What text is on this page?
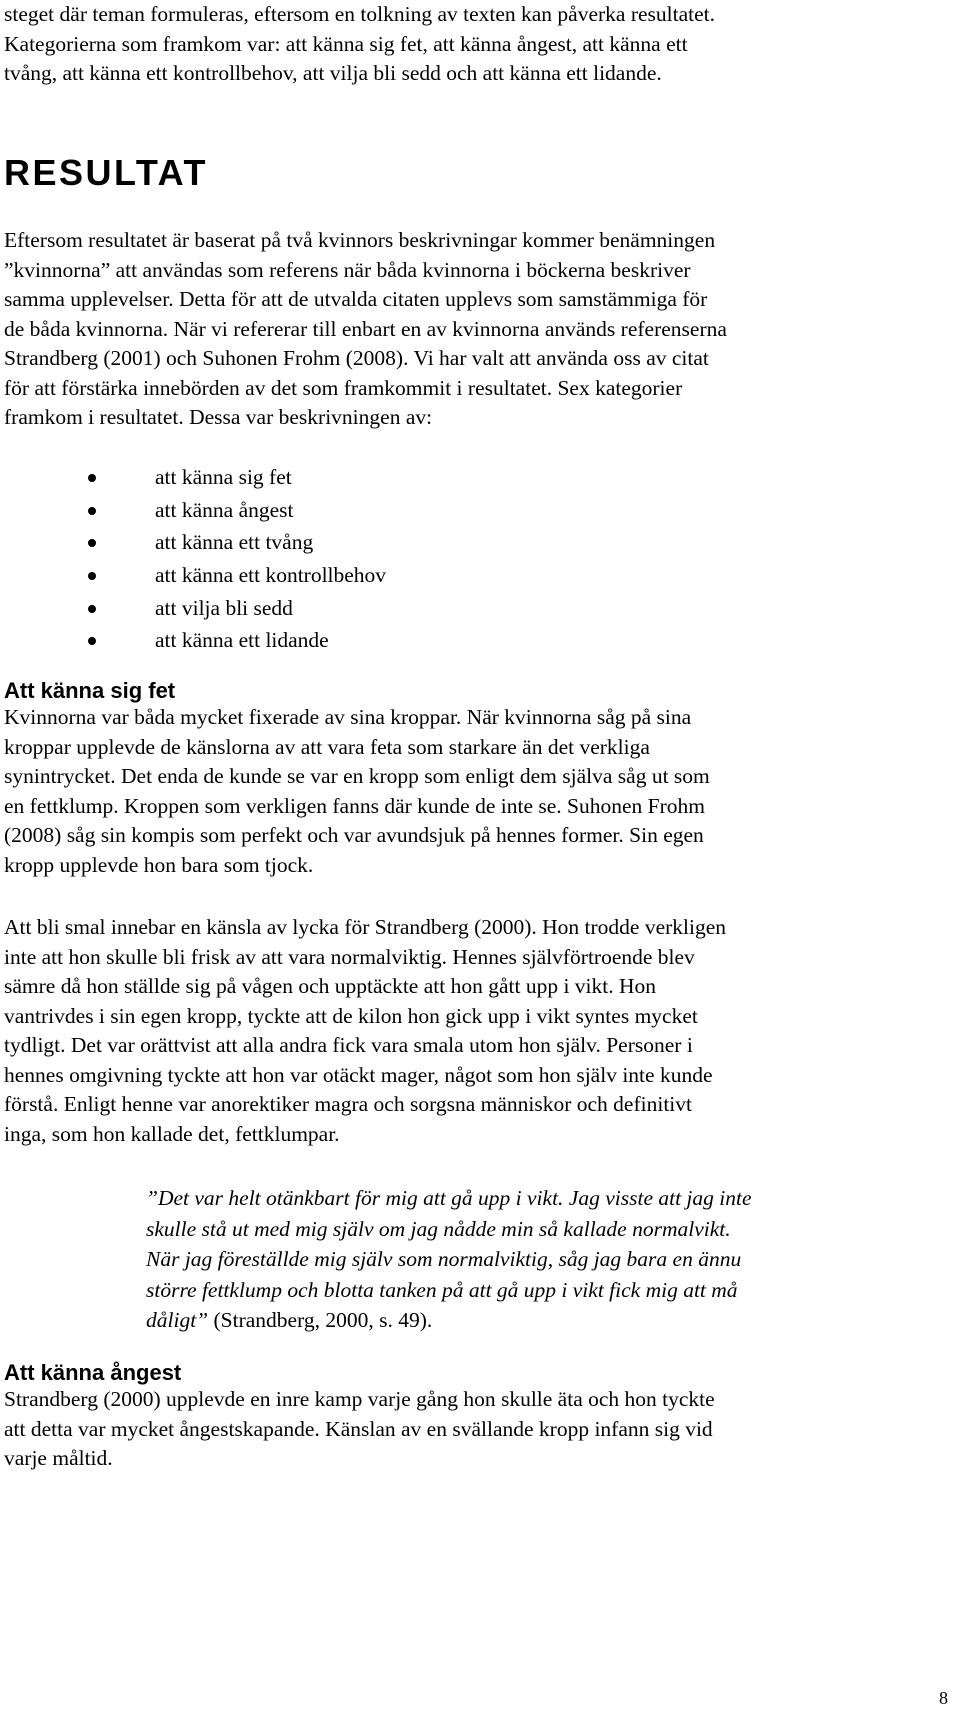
steget där teman formuleras, eftersom en tolkning av texten kan påverka resultatet.
Kategorierna som framkom var: att känna sig fet, att känna ångest, att känna ett
tvång, att känna ett kontrollbehov, att vilja bli sedd och att känna ett lidande.
RESULTAT
Eftersom resultatet är baserat på två kvinnors beskrivningar kommer benämningen
”kvinnorna” att användas som referens när båda kvinnorna i böckerna beskriver
samma upplevelser. Detta för att de utvalda citaten upplevs som samstämmiga för
de båda kvinnorna. När vi refererar till enbart en av kvinnorna används referenserna
Strandberg (2001) och Suhonen Frohm (2008). Vi har valt att använda oss av citat
för att förstärka innebörden av det som framkommit i resultatet. Sex kategorier
framkom i resultatet. Dessa var beskrivningen av:
att känna sig fet
att känna ångest
att känna ett tvång
att känna ett kontrollbehov
att vilja bli sedd
att känna ett lidande
Att känna sig fet
Kvinnorna var båda mycket fixerade av sina kroppar. När kvinnorna såg på sina
kroppar upplevde de känslorna av att vara feta som starkare än det verkliga
synintrycket. Det enda de kunde se var en kropp som enligt dem själva såg ut som
en fettklump. Kroppen som verkligen fanns där kunde de inte se. Suhonen Frohm
(2008) såg sin kompis som perfekt och var avundsjuk på hennes former. Sin egen
kropp upplevde hon bara som tjock.
Att bli smal innebar en känsla av lycka för Strandberg (2000). Hon trodde verkligen
inte att hon skulle bli frisk av att vara normalviktig. Hennes självförtroende blev
sämre då hon ställde sig på vågen och upptäckte att hon gått upp i vikt. Hon
vantrivdes i sin egen kropp, tyckte att de kilon hon gick upp i vikt syntes mycket
tydligt. Det var orättvist att alla andra fick vara smala utom hon själv. Personer i
hennes omgivning tyckte att hon var otäckt mager, något som hon själv inte kunde
förstå. Enligt henne var anorektiker magra och sorgsna människor och definitivt
inga, som hon kallade det, fettklumpar.
”Det var helt otänkbart för mig att gå upp i vikt. Jag visste att jag inte
skulle stå ut med mig själv om jag nådde min så kallade normalvikt.
När jag föreställde mig själv som normalviktig, såg jag bara en ännu
större fettklump och blotta tanken på att gå upp i vikt fick mig att må
dåligt” (Strandberg, 2000, s. 49).
Att känna ångest
Strandberg (2000) upplevde en inre kamp varje gång hon skulle äta och hon tyckte
att detta var mycket ångestskapande. Känslan av en svällande kropp infann sig vid
varje måltid.
8
